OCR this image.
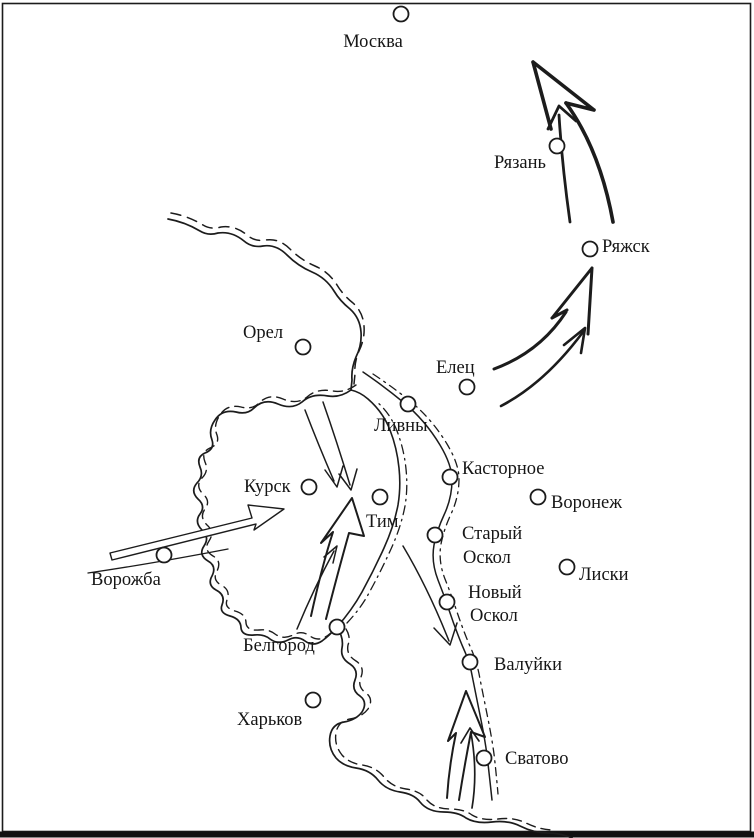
Москва
Рязань
Ряжск
Орел
Елец
Ливны
Касторное
Воронеж
Курск
Тим
Старый
Оскол
Лиски
Ворожба
Новый
Оскол
Белгород
Валуйки
Харьков
Сватово
